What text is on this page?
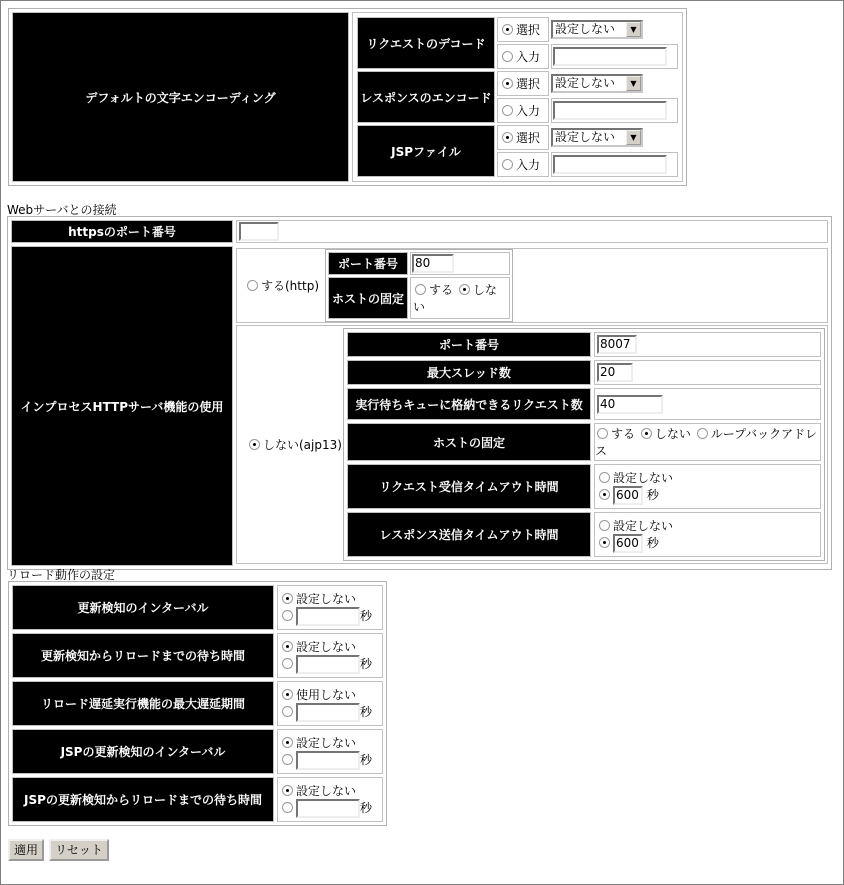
デフォルトの文字エンコーディング	
リクエストのデコード	選択	設定しない	▼

入力	
レスポンスのエンコード	選択	設定しない	▼

入力	
JSPファイル	選択	設定しない	▼

入力	
Webサーバとの接続
httpsのポート番号	
インプロセスHTTPサーバ機能の使用	
する(http)	
ポート番号	80
ホストの固定	する しない

しない(ajp13)	
ポート番号	8007
最大スレッド数	20
実行待ちキューに格納できるリクエスト数	40
ホストの固定	する しない ループバックアドレス
リクエスト受信タイムアウト時間	設定しない
600 秒
レスポンス送信タイムアウト時間	設定しない
600 秒
リロード動作の設定
更新検知のインターバル	設定しない
秒
更新検知からリロードまでの待ち時間	設定しない
秒
リロード遅延実行機能の最大遅延期間	使用しない
秒
JSPの更新検知のインターバル	設定しない
秒
JSPの更新検知からリロードまでの待ち時間	設定しない
秒
適用	リセット
